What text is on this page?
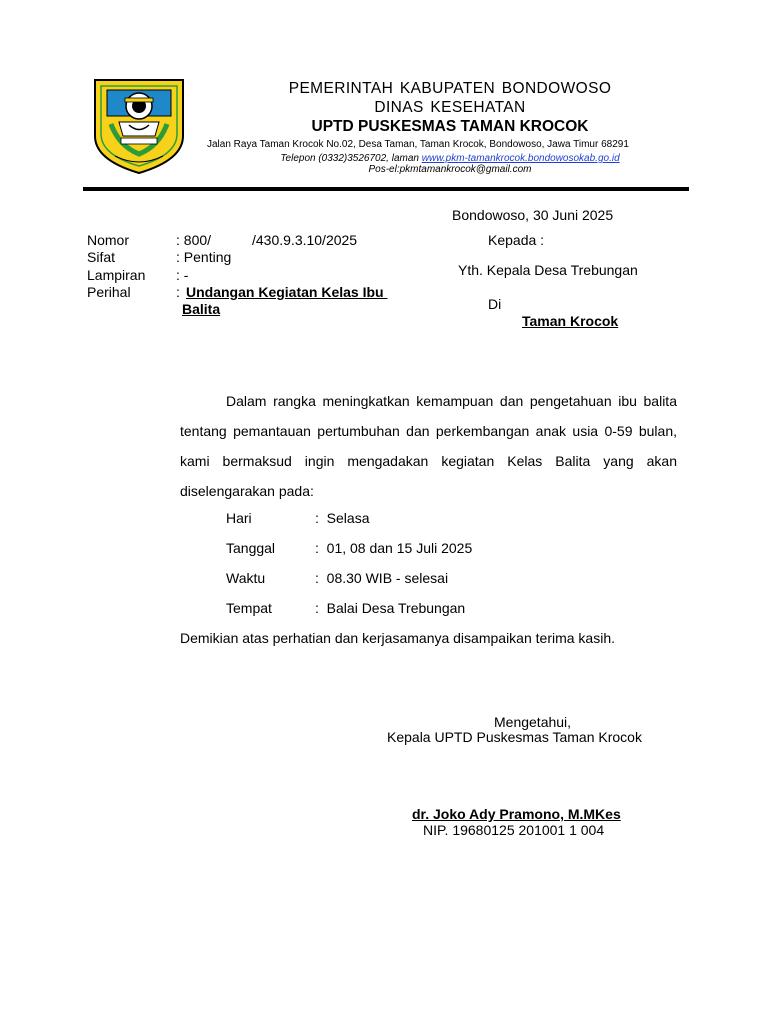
PEMERINTAH KABUPATEN BONDOWOSO
DINAS KESEHATAN
UPTD PUSKESMAS TAMAN KROCOK
Jalan Raya Taman Krocok No.02, Desa Taman, Taman Krocok, Bondowoso, Jawa Timur 68291
Telepon (0332)3526702, laman www.pkm-tamankrocok.bondowosokab.go.id
Pos-el:pkmtamankrocok@gmail.com
Bondowoso, 30 Juni 2025
Nomor	: 800/	/430.9.3.10/2025
Sifat	: Penting
Lampiran : -
Perihal	: Undangan Kegiatan Kelas Ibu
Balita
Kepada :
Yth. Kepala Desa Trebungan
Di
Taman Krocok

Dalam rangka meningkatkan kemampuan dan pengetahuan ibu balita tentang pemantauan pertumbuhan dan perkembangan anak usia 0-59 bulan, kami bermaksud ingin mengadakan kegiatan Kelas Balita yang akan diselengarakan pada:

Hari	:  Selasa
Tanggal	:  01, 08 dan 15 Juli 2025
Waktu	:  08.30 WIB - selesai
Tempat	:  Balai Desa Trebungan
Demikian atas perhatian dan kerjasamanya disampaikan terima kasih.
Mengetahui,
Kepala UPTD Puskesmas Taman Krocok
dr. Joko Ady Pramono, M.MKes
NIP. 19680125 201001 1 004
